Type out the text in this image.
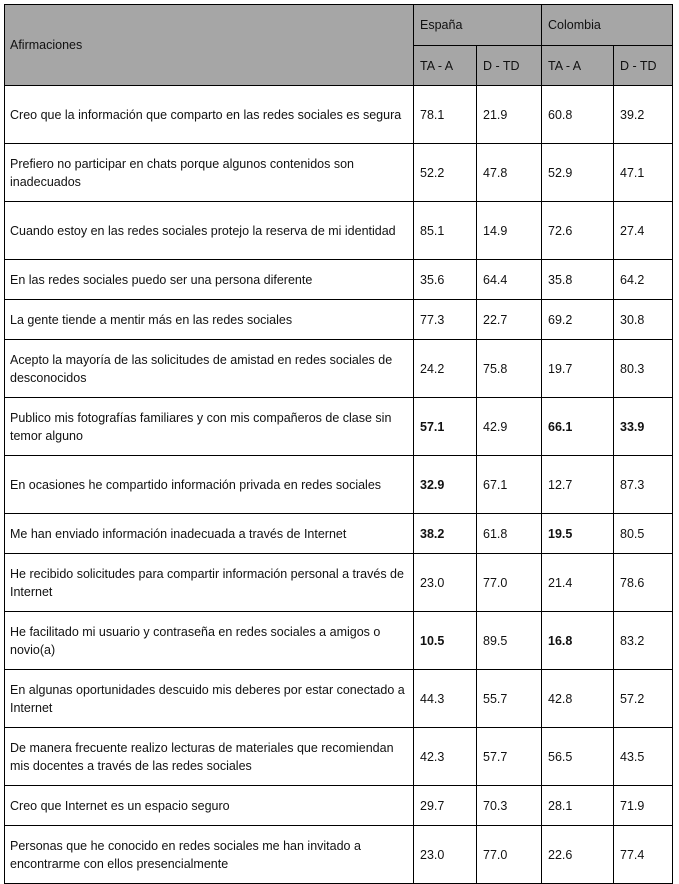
Afirmaciones	España		Colombia	
	TA - A	D - TD	TA - A	D - TD
Creo que la información que comparto en las redes sociales es segura	78.1	21.9	60.8	39.2
Prefiero no participar en chats porque algunos contenidos son inadecuados	52.2	47.8	52.9	47.1
Cuando estoy en las redes sociales protejo la reserva de mi identidad	85.1	14.9	72.6	27.4
En las redes sociales puedo ser una persona diferente	35.6	64.4	35.8	64.2
La gente tiende a mentir más en las redes sociales	77.3	22.7	69.2	30.8
Acepto la mayoría de las solicitudes de amistad en redes sociales de desconocidos	24.2	75.8	19.7	80.3
Publico mis fotografías familiares y con mis compañeros de clase sin temor alguno	57.1	42.9	66.1	33.9
En ocasiones he compartido información privada en redes sociales	32.9	67.1	12.7	87.3
Me han enviado información inadecuada a través de Internet	38.2	61.8	19.5	80.5
He recibido solicitudes para compartir información personal a través de Internet	23.0	77.0	21.4	78.6
He facilitado mi usuario y contraseña en redes sociales a amigos o novio(a)	10.5	89.5	16.8	83.2
En algunas oportunidades descuido mis deberes por estar conectado a Internet	44.3	55.7	42.8	57.2
De manera frecuente realizo lecturas de materiales que recomiendan mis docentes a través de las redes sociales	42.3	57.7	56.5	43.5
Creo que Internet es un espacio seguro	29.7	70.3	28.1	71.9
Personas que he conocido en redes sociales me han invitado a encontrarme con ellos presencialmente	23.0	77.0	22.6	77.4
